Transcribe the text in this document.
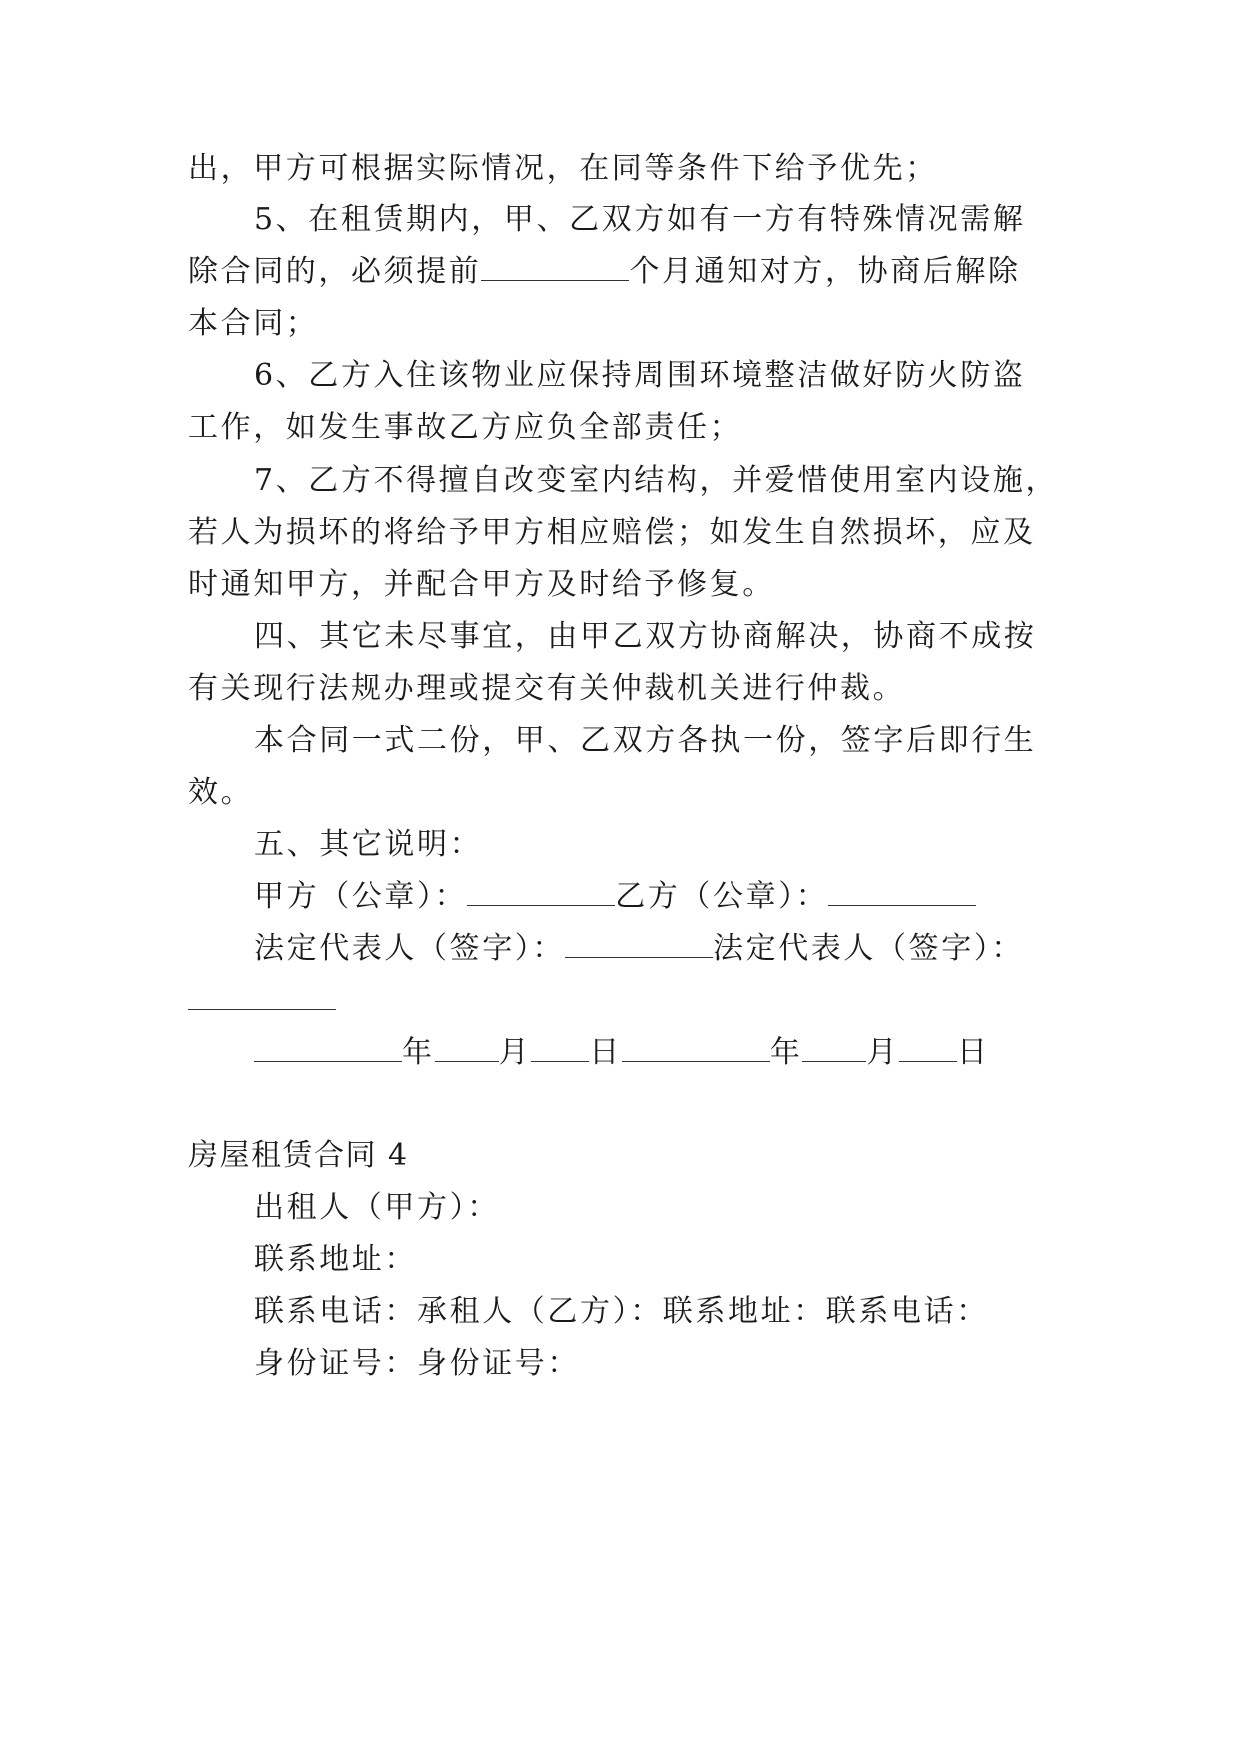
出，甲方可根据实际情况，在同等条件下给予优先；
5、在租赁期内，甲、乙双方如有一方有特殊情况需解
除合同的，必须提前	个月通知对方，协商后解除
本合同；
6、乙方入住该物业应保持周围环境整洁做好防火防盗
工作，如发生事故乙方应负全部责任；
7、乙方不得擅自改变室内结构，并爱惜使用室内设施，
若人为损坏的将给予甲方相应赔偿；如发生自然损坏，应及
时通知甲方，并配合甲方及时给予修复。
四、其它未尽事宜，由甲乙双方协商解决，协商不成按
有关现行法规办理或提交有关仲裁机关进行仲裁。
本合同一式二份，甲、乙双方各执一份，签字后即行生
效。
五、其它说明：
甲方（公章）：	乙方（公章）：
法定代表人（签字）：	法定代表人（签字）：
年 月 日	年 月 日
房屋租赁合同 4
出租人（甲方）：
联系地址：
联系电话：承租人（乙方）：联系地址：联系电话：
身份证号：身份证号：
